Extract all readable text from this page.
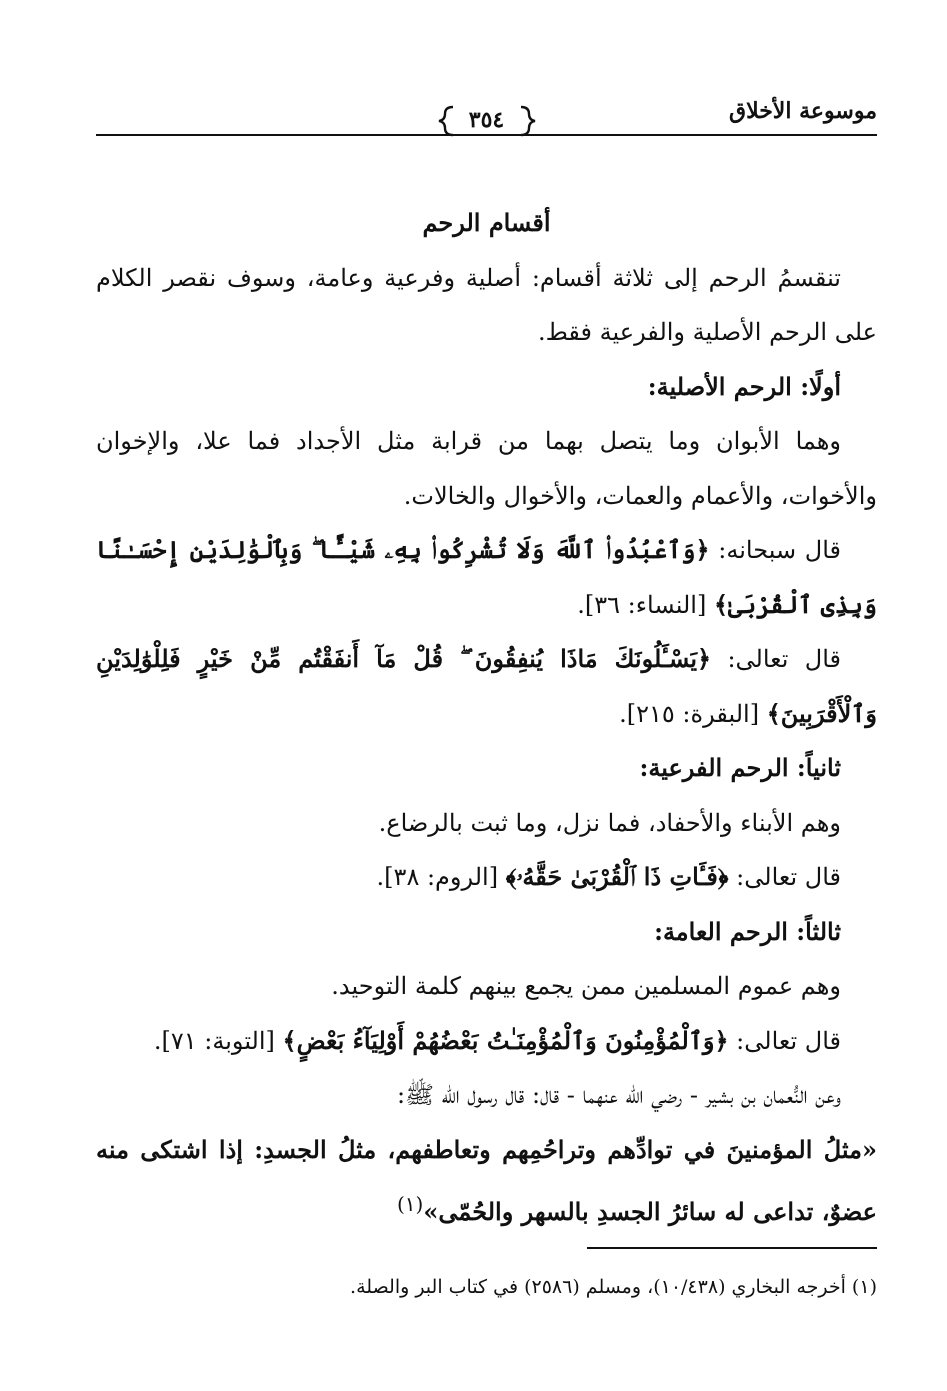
موسوعة الأخلاق
٣٥٤

أقسام الرحم

تنقسمُ الرحم إلى ثلاثة أقسام: أصلية وفرعية وعامة، وسوف نقصر الكلام على الرحم الأصلية والفرعية فقط.

أولًا: الرحم الأصلية:

وهما الأبوان وما يتصل بهما من قرابة مثل الأجداد فما علا، والإخوان والأخوات، والأعمام والعمات، والأخوال والخالات.

قال سبحانه: ﴿وَٱعْبُدُوا۟ ٱللَّهَ وَلَا تُشْرِكُوا۟ بِهِۦ شَيْـًٔا ۖ وَبِٱلْوَٰلِدَيْنِ إِحْسَـٰنًا وَبِذِى ٱلْقُرْبَىٰ﴾ [النساء: ٣٦].

قال تعالى: ﴿يَسْـَٔلُونَكَ مَاذَا يُنفِقُونَ ۖ قُلْ مَآ أَنفَقْتُم مِّنْ خَيْرٍ فَلِلْوَٰلِدَيْنِ وَٱلْأَقْرَبِينَ﴾ [البقرة: ٢١٥].

ثانياً: الرحم الفرعية:

وهم الأبناء والأحفاد، فما نزل، وما ثبت بالرضاع.

قال تعالى: ﴿فَـَٔاتِ ذَا ٱلْقُرْبَىٰ حَقَّهُۥ﴾ [الروم: ٣٨].

ثالثاً: الرحم العامة:

وهم عموم المسلمين ممن يجمع بينهم كلمة التوحيد.

قال تعالى: ﴿وَٱلْمُؤْمِنُونَ وَٱلْمُؤْمِنَـٰتُ بَعْضُهُمْ أَوْلِيَآءُ بَعْضٍ﴾ [التوبة: ٧١].

وعن النُّعمان بن بشير - رضي الله عنهما - قال: قال رسول الله ﷺ:

«مثلُ المؤمنينَ في توادِّهم وتراحُمِهم وتعاطفهم، مثلُ الجسدِ: إذا اشتكى منه عضوٌ، تداعى له سائرُ الجسدِ بالسهر والحُمّى»$^{(١)}$

(١) أخرجه البخاري (١٠/٤٣٨)، ومسلم (٢٥٨٦) في كتاب البر والصلة.
